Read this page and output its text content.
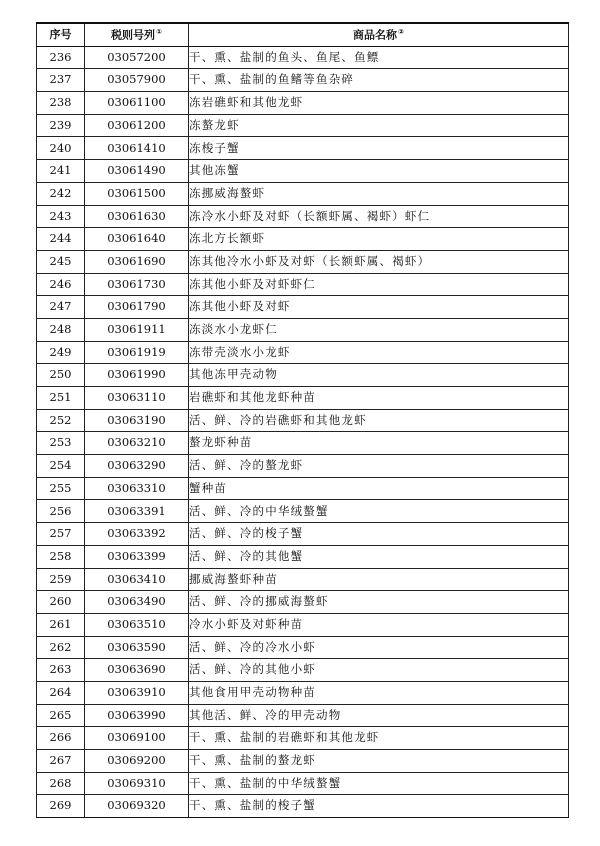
序号	税则号列①	商品名称②
236	03057200	干、熏、盐制的鱼头、鱼尾、鱼鳔
237	03057900	干、熏、盐制的鱼鳍等鱼杂碎
238	03061100	冻岩礁虾和其他龙虾
239	03061200	冻螯龙虾
240	03061410	冻梭子蟹
241	03061490	其他冻蟹
242	03061500	冻挪威海螯虾
243	03061630	冻冷水小虾及对虾（长额虾属、褐虾）虾仁
244	03061640	冻北方长额虾
245	03061690	冻其他冷水小虾及对虾（长额虾属、褐虾）
246	03061730	冻其他小虾及对虾虾仁
247	03061790	冻其他小虾及对虾
248	03061911	冻淡水小龙虾仁
249	03061919	冻带壳淡水小龙虾
250	03061990	其他冻甲壳动物
251	03063110	岩礁虾和其他龙虾种苗
252	03063190	活、鲜、冷的岩礁虾和其他龙虾
253	03063210	螯龙虾种苗
254	03063290	活、鲜、冷的螯龙虾
255	03063310	蟹种苗
256	03063391	活、鲜、冷的中华绒螯蟹
257	03063392	活、鲜、冷的梭子蟹
258	03063399	活、鲜、冷的其他蟹
259	03063410	挪威海螯虾种苗
260	03063490	活、鲜、冷的挪威海螯虾
261	03063510	冷水小虾及对虾种苗
262	03063590	活、鲜、冷的冷水小虾
263	03063690	活、鲜、冷的其他小虾
264	03063910	其他食用甲壳动物种苗
265	03063990	其他活、鲜、冷的甲壳动物
266	03069100	干、熏、盐制的岩礁虾和其他龙虾
267	03069200	干、熏、盐制的螯龙虾
268	03069310	干、熏、盐制的中华绒螯蟹
269	03069320	干、熏、盐制的梭子蟹
